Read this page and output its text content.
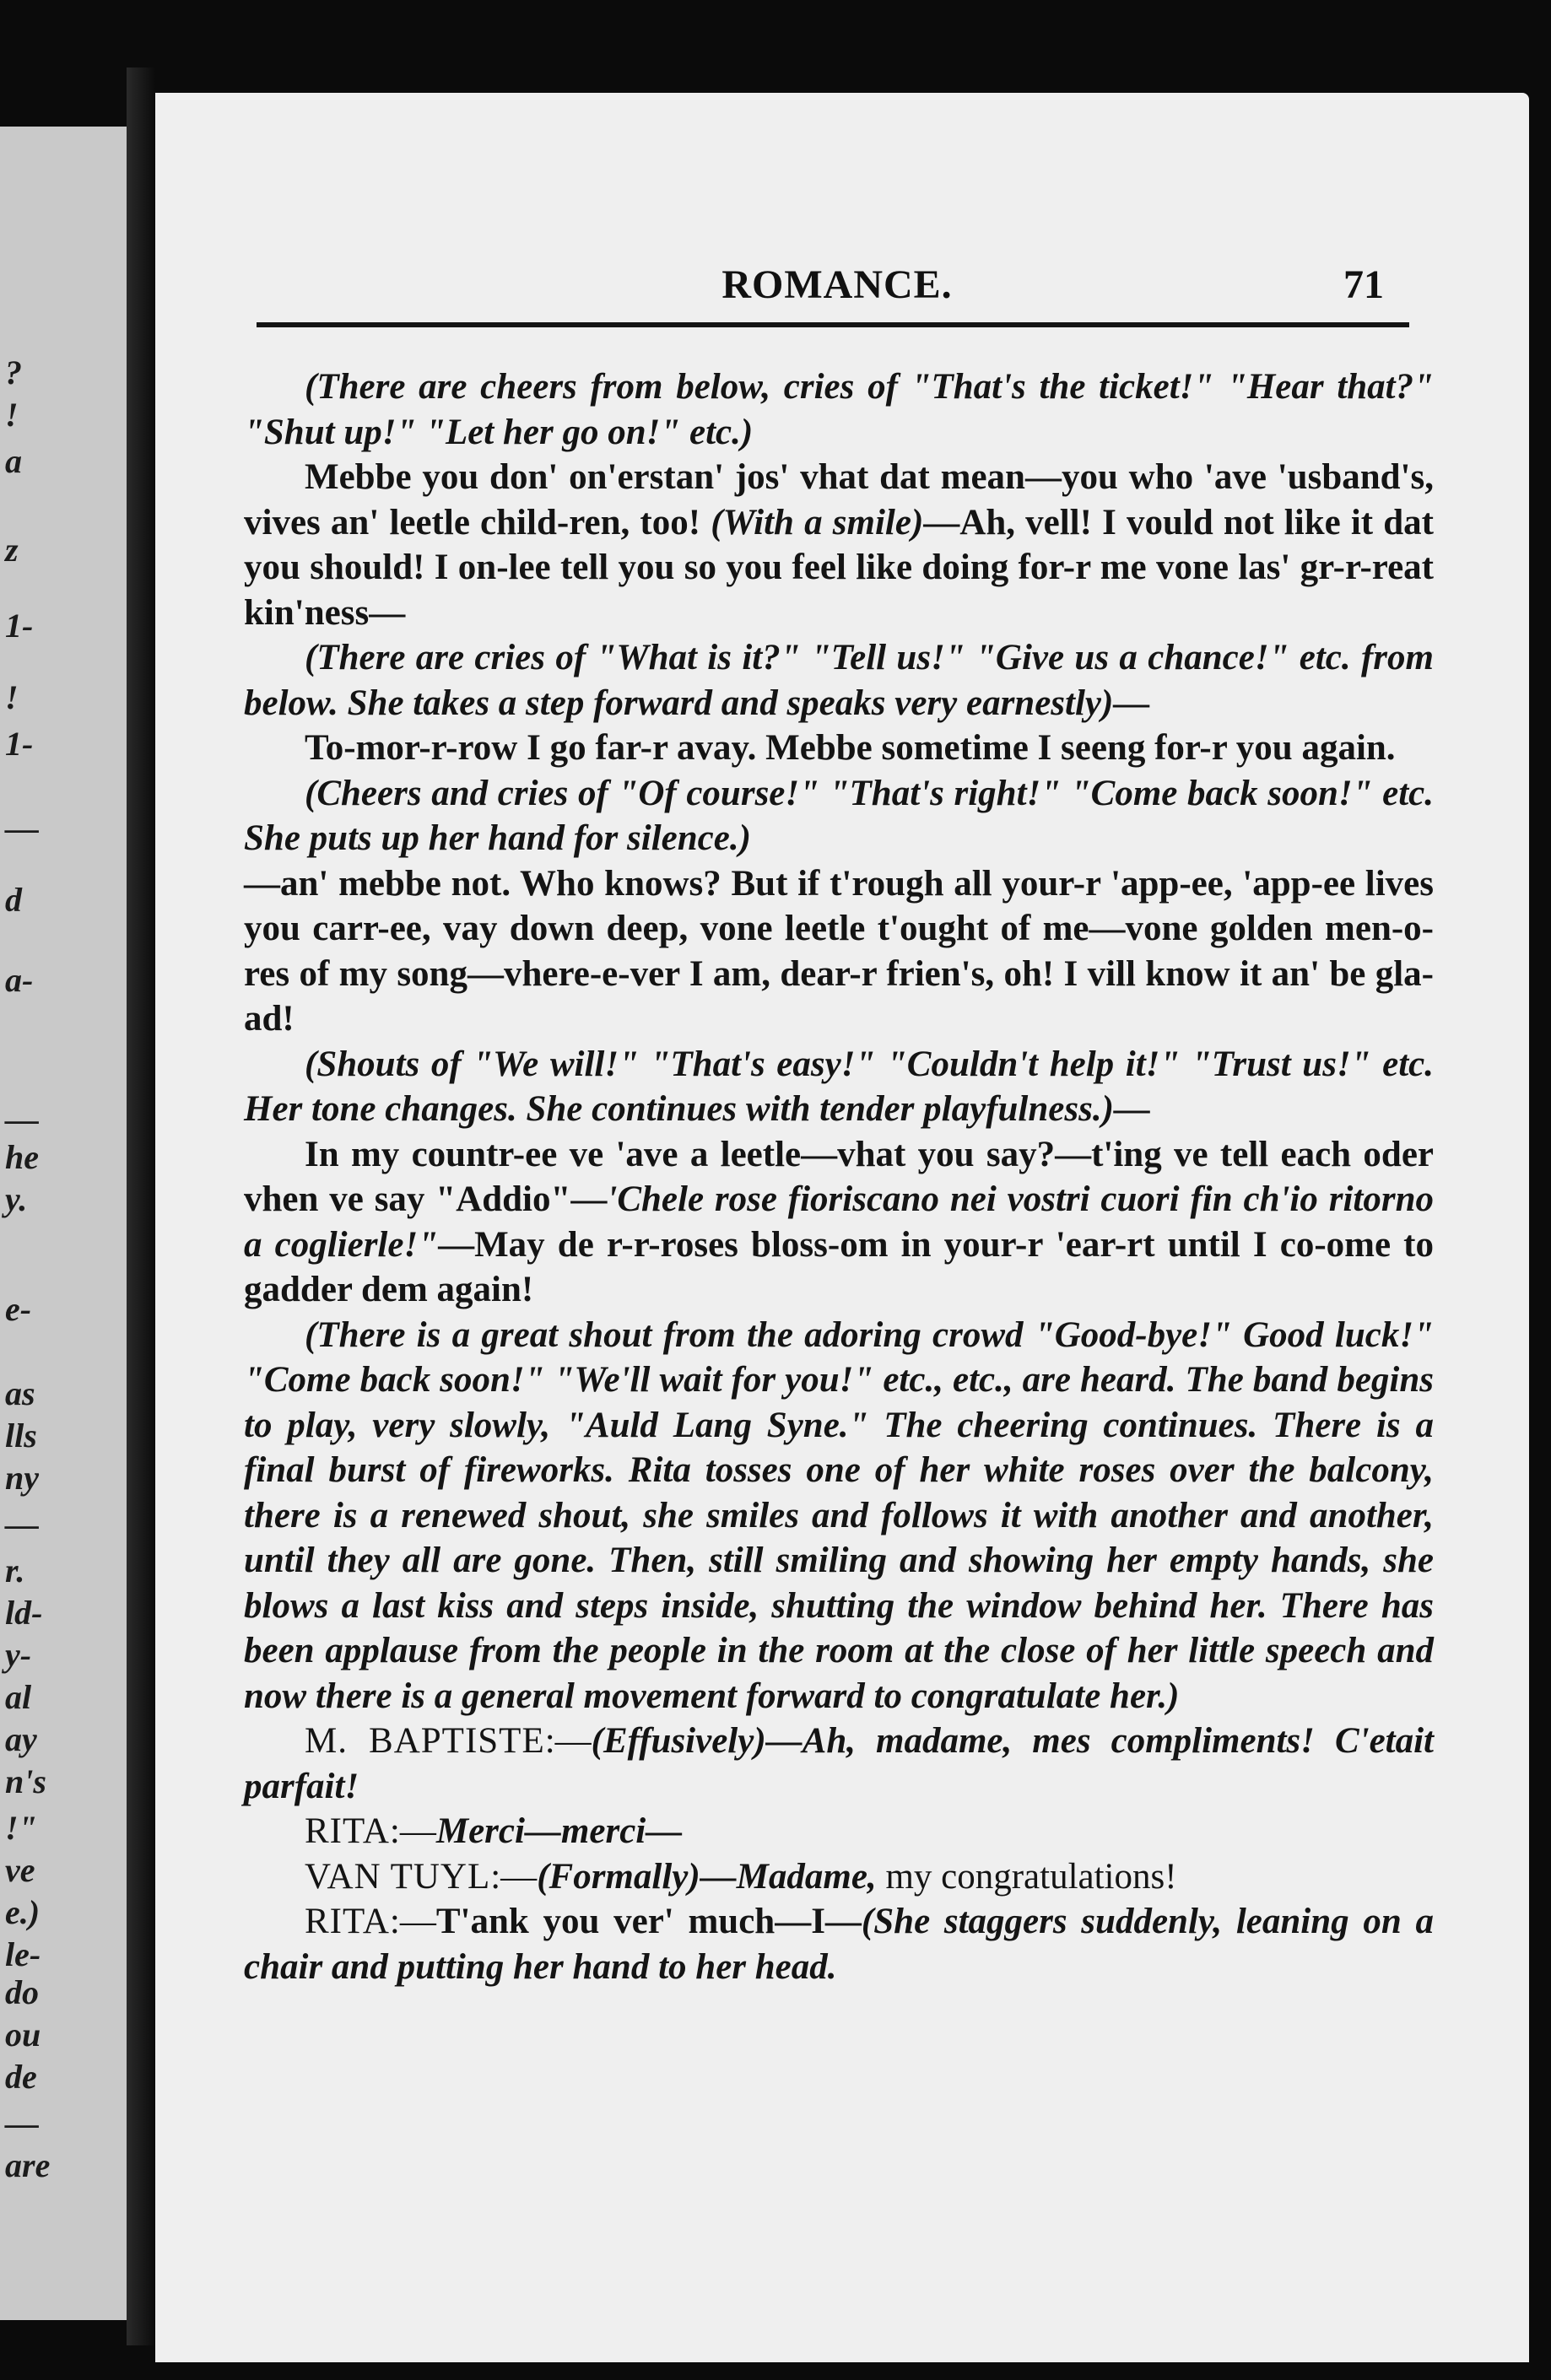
?
!
a
z
1-
!
1-
—
d
a-
—
he
y.
e-
as
lls
ny
—
r.
ld-
y-
al
ay
n's
!"
ve
e.)
le-
do
ou
de
—
are
ROMANCE.	71

(There are cheers from below, cries of "That's the ticket!" "Hear that?" "Shut up!" "Let her go on!" etc.)

Mebbe you don' on'erstan' jos' vhat dat mean—you who 'ave 'usband's, vives an' leetle child-ren, too! (With a smile)—Ah, vell! I vould not like it dat you should! I on-lee tell you so you feel like doing for-r me vone las' gr-r-reat kin'ness—

(There are cries of "What is it?" "Tell us!" "Give us a chance!" etc. from below. She takes a step forward and speaks very earnestly)—

To-mor-r-row I go far-r avay. Mebbe sometime I seeng for-r you again.

(Cheers and cries of "Of course!" "That's right!" "Come back soon!" etc. She puts up her hand for silence.)

—an' mebbe not. Who knows? But if t'rough all your-r 'app-ee, 'app-ee lives you carr-ee, vay down deep, vone leetle t'ought of me—vone golden men-o-res of my song—vhere-e-ver I am, dear-r frien's, oh! I vill know it an' be gla-ad!

(Shouts of "We will!" "That's easy!" "Couldn't help it!" "Trust us!" etc. Her tone changes. She continues with tender playfulness.)—

In my countr-ee ve 'ave a leetle—vhat you say?—t'ing ve tell each oder vhen ve say "Addio"—'Chele rose fioriscano nei vostri cuori fin ch'io ritorno a coglierle!"—May de r-r-roses bloss-om in your-r 'ear-rt until I co-ome to gadder dem again!

(There is a great shout from the adoring crowd "Good-bye!" Good luck!" "Come back soon!" "We'll wait for you!" etc., etc., are heard. The band begins to play, very slowly, "Auld Lang Syne." The cheering continues. There is a final burst of fireworks. Rita tosses one of her white roses over the balcony, there is a renewed shout, she smiles and follows it with another and another, until they all are gone. Then, still smiling and showing her empty hands, she blows a last kiss and steps inside, shutting the window behind her. There has been applause from the people in the room at the close of her little speech and now there is a general movement forward to congratulate her.)

M. BAPTISTE:—(Effusively)—Ah, madame, mes compliments! C'etait parfait!

RITA:—Merci—merci—

VAN TUYL:—(Formally)—Madame, my congratulations!

RITA:—T'ank you ver' much—I—(She staggers suddenly, leaning on a chair and putting her hand to her head.
